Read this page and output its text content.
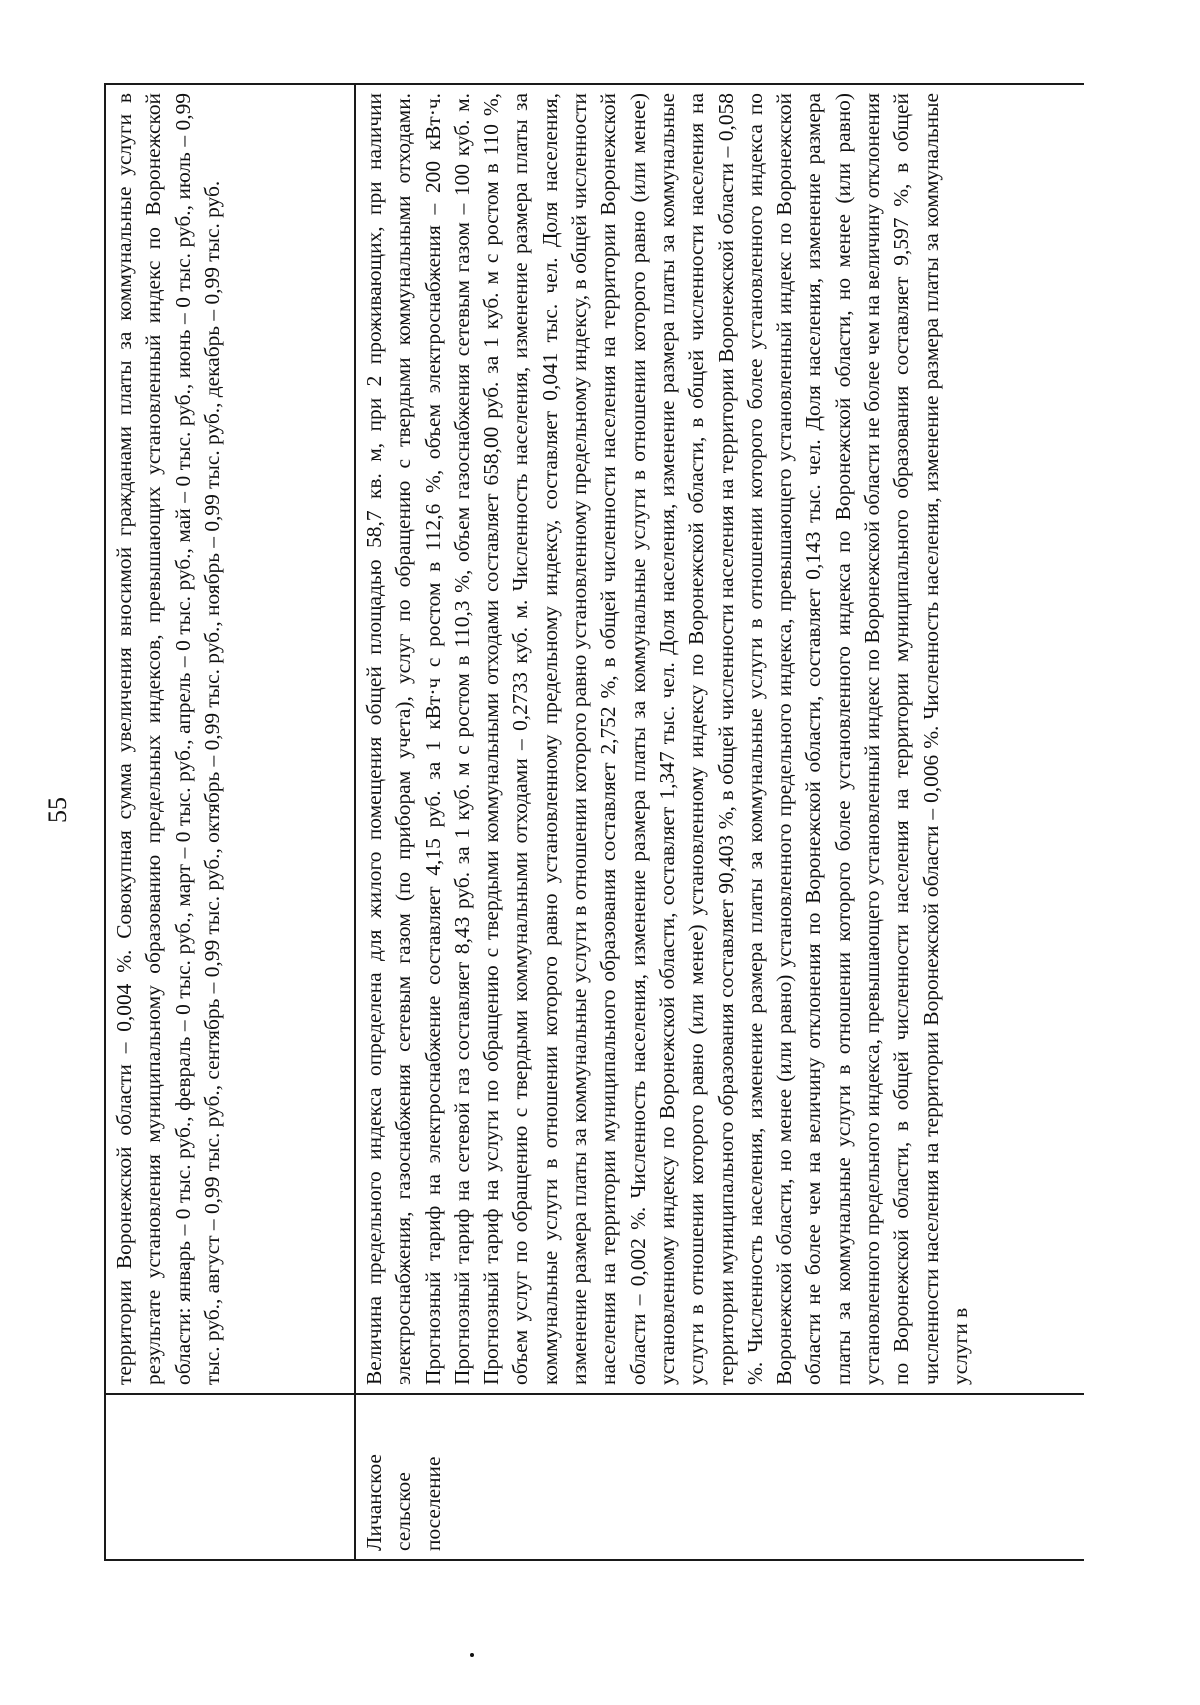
55
		территории Воронежской области – 0,004 %. Совокупная сумма увеличения вносимой гражданами платы за коммунальные услуги в результате установления муниципальному образованию предельных индексов, превышающих установленный индекс по Воронежской области: январь – 0 тыс. руб., февраль – 0 тыс. руб., март – 0 тыс. руб., апрель – 0 тыс. руб., май – 0 тыс. руб., июнь – 0 тыс. руб., июль – 0,99 тыс. руб., август – 0,99 тыс. руб., сентябрь – 0,99 тыс. руб., октябрь – 0,99 тыс. руб., ноябрь – 0,99 тыс. руб., декабрь – 0,99 тыс. руб.
Личанское сельское поселение	Величина предельного индекса определена для жилого помещения общей площадью 58,7 кв. м, при 2 проживающих, при наличии электроснабжения, газоснабжения сетевым газом (по приборам учета), услуг по обращению с твердыми коммунальными отходами. Прогнозный тариф на электроснабжение составляет 4,15 руб. за 1 кВт·ч с ростом в 112,6 %, объем электроснабжения – 200 кВт·ч. Прогнозный тариф на сетевой газ составляет 8,43 руб. за 1 куб. м с ростом в 110,3 %, объем газоснабжения сетевым газом – 100 куб. м. Прогнозный тариф на услуги по обращению с твердыми коммунальными отходами составляет 658,00 руб. за 1 куб. м с ростом в 110 %, объем услуг по обращению с твердыми коммунальными отходами – 0,2733 куб. м. Численность населения, изменение размера платы за коммунальные услуги в отношении которого равно установленному предельному индексу, составляет 0,041 тыс. чел. Доля населения, изменение размера платы за коммунальные услуги в отношении которого равно установленному предельному индексу, в общей численности населения на территории муниципального образования составляет 2,752 %, в общей численности населения на территории Воронежской области – 0,002 %. Численность населения, изменение размера платы за коммунальные услуги в отношении которого равно (или менее) установленному индексу по Воронежской области, составляет 1,347 тыс. чел. Доля населения, изменение размера платы за коммунальные услуги в отношении которого равно (или менее) установленному индексу по Воронежской области, в общей численности населения на территории муниципального образования составляет 90,403 %, в общей численности населения на территории Воронежской области – 0,058 %. Численность населения, изменение размера платы за коммунальные услуги в отношении которого более установленного индекса по Воронежской области, но менее (или равно) установленного предельного индекса, превышающего установленный индекс по Воронежской области не более чем на величину отклонения по Воронежской области, составляет 0,143 тыс. чел. Доля населения, изменение размера платы за коммунальные услуги в отношении которого более установленного индекса по Воронежской области, но менее (или равно) установленного предельного индекса, превышающего установленный индекс по Воронежской области не более чем на величину отклонения по Воронежской области, в общей численности населения на территории муниципального образования составляет 9,597 %, в общей численности населения на территории Воронежской области – 0,006 %. Численность населения, изменение размера платы за коммунальные услуги в
